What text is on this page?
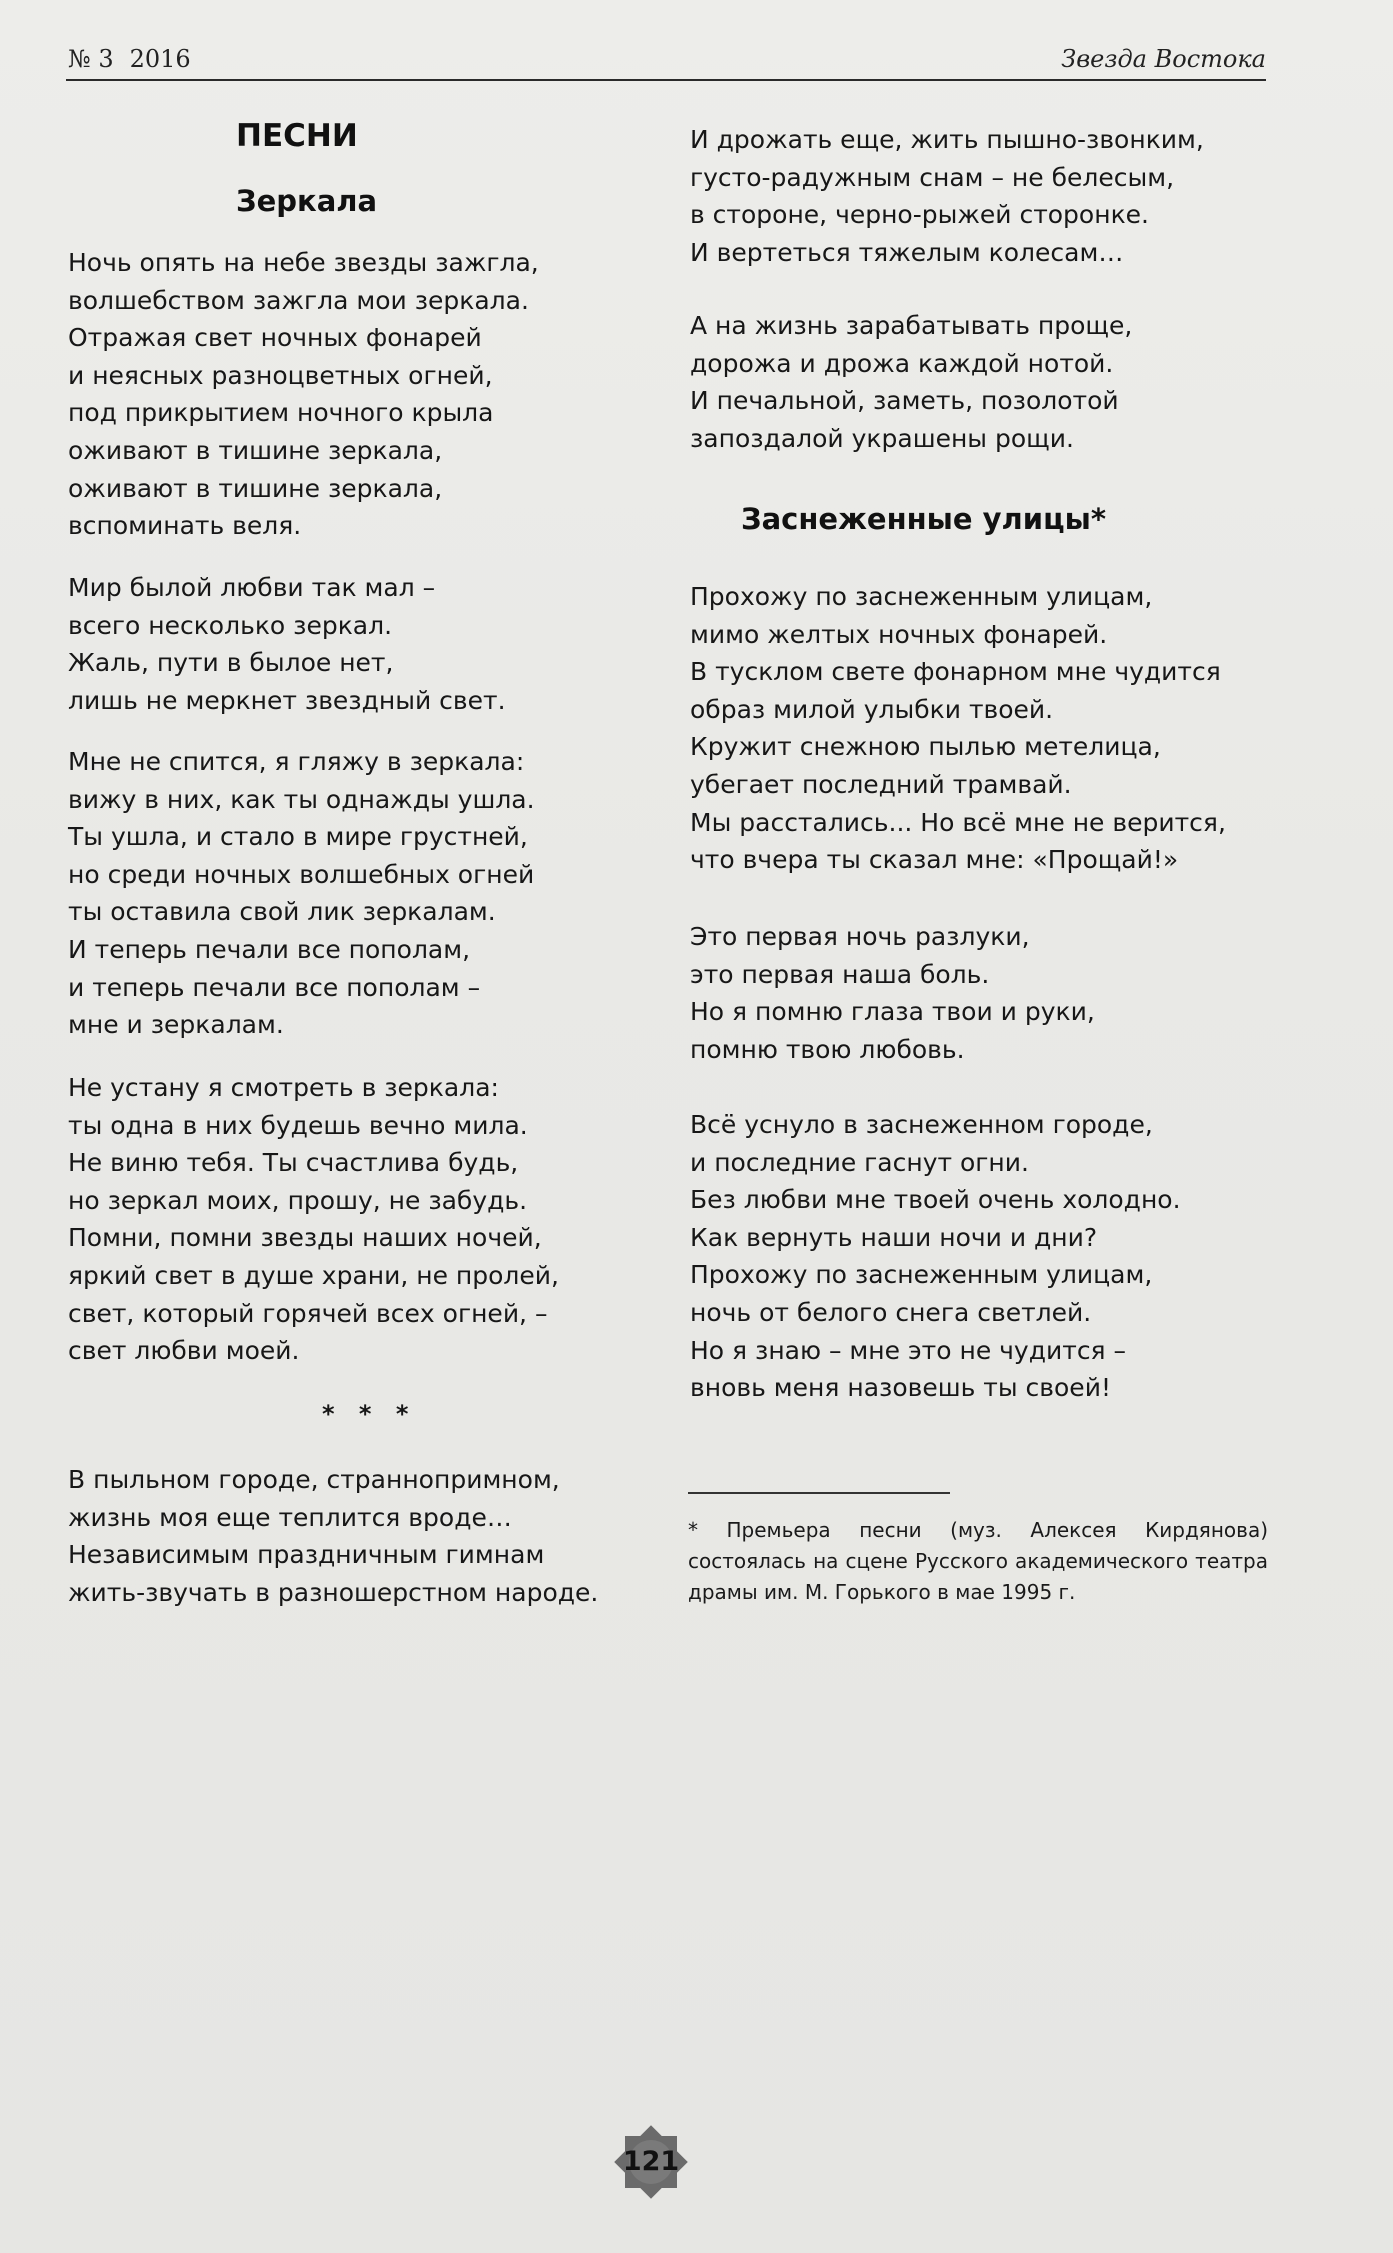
№ 3 2016	Звезда Востока
ПЕСНИ
Зеркала
Ночь опять на небе звезды зажгла,
волшебством зажгла мои зеркала.
Отражая свет ночных фонарей
и неясных разноцветных огней,
под прикрытием ночного крыла
оживают в тишине зеркала,
оживают в тишине зеркала,
вспоминать веля.
Мир былой любви так мал –
всего несколько зеркал.
Жаль, пути в былое нет,
лишь не меркнет звездный свет.
Мне не спится, я гляжу в зеркала:
вижу в них, как ты однажды ушла.
Ты ушла, и стало в мире грустней,
но среди ночных волшебных огней
ты оставила свой лик зеркалам.
И теперь печали все пополам,
и теперь печали все пополам –
мне и зеркалам.
Не устану я смотреть в зеркала:
ты одна в них будешь вечно мила.
Не виню тебя. Ты счастлива будь,
но зеркал моих, прошу, не забудь.
Помни, помни звезды наших ночей,
яркий свет в душе храни, не пролей,
свет, который горячей всех огней, –
свет любви моей.
* * *
В пыльном городе, страннопримном,
жизнь моя еще теплится вроде…
Независимым праздничным гимнам
жить-звучать в разношерстном народе.
И дрожать еще, жить пышно-звонким,
густо-радужным снам – не белесым,
в стороне, черно-рыжей сторонке.
И вертеться тяжелым колесам…
А на жизнь зарабатывать проще,
дорожа и дрожа каждой нотой.
И печальной, заметь, позолотой
запоздалой украшены рощи.
Заснеженные улицы*
Прохожу по заснеженным улицам,
мимо желтых ночных фонарей.
В тусклом свете фонарном мне чудится
образ милой улыбки твоей.
Кружит снежною пылью метелица,
убегает последний трамвай.
Мы расстались... Но всё мне не верится,
что вчера ты сказал мне: «Прощай!»
Это первая ночь разлуки,
это первая наша боль.
Но я помню глаза твои и руки,
помню твою любовь.
Всё уснуло в заснеженном городе,
и последние гаснут огни.
Без любви мне твоей очень холодно.
Как вернуть наши ночи и дни?
Прохожу по заснеженным улицам,
ночь от белого снега светлей.
Но я знаю – мне это не чудится –
вновь меня назовешь ты своей!
* Премьера песни (муз. Алексея Кирдянова) состоялась на сцене Русского академического театра драмы им. М. Горького в мае 1995 г.
121
